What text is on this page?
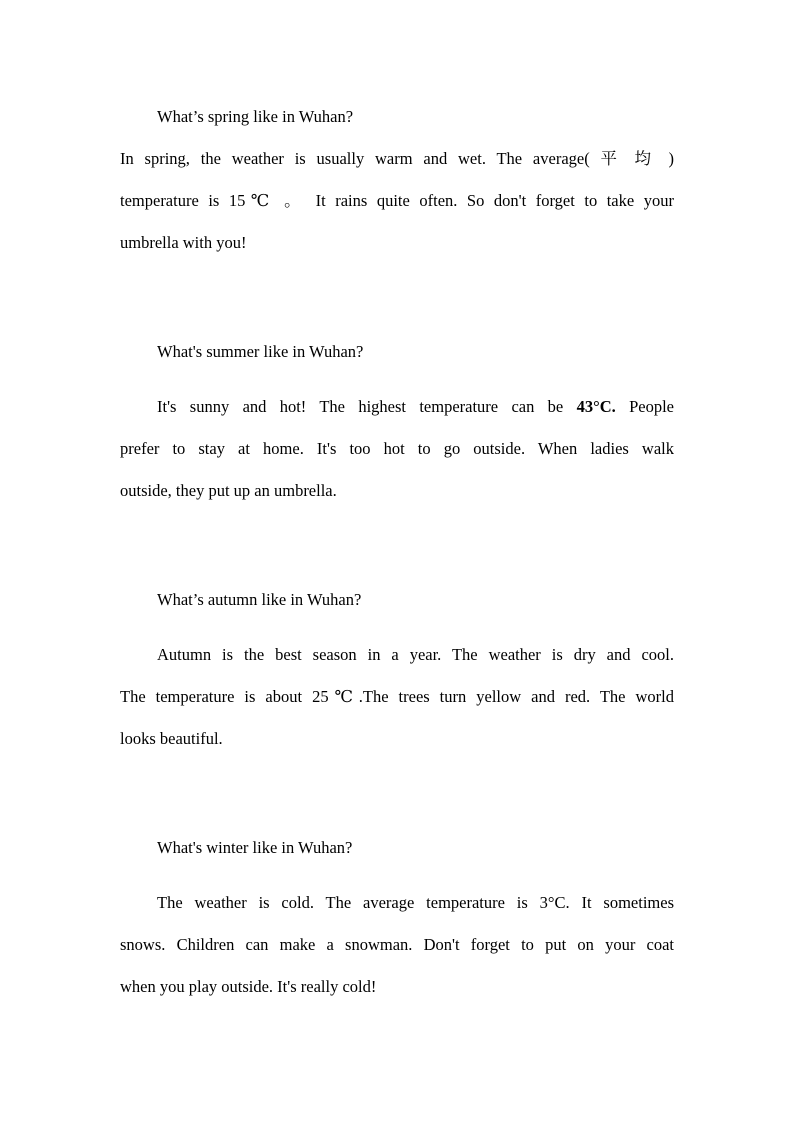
What’s spring like in Wuhan?
In spring, the weather is usually warm and wet. The average( 平 均 )
temperature is 15℃ 。 It rains quite often. So don't forget to take your
umbrella with you!
What's summer like in Wuhan?
It's sunny and hot! The highest temperature can be 43°C. People
prefer to stay at home. It's too hot to go outside. When ladies walk
outside, they put up an umbrella.
What’s autumn like in Wuhan?
Autumn is the best season in a year. The weather is dry and cool.
The temperature is about 25℃.The trees turn yellow and red. The world
looks beautiful.
What's winter like in Wuhan?
The weather is cold. The average temperature is 3°C. It sometimes
snows. Children can make a snowman. Don't forget to put on your coat
when you play outside. It's really cold!
